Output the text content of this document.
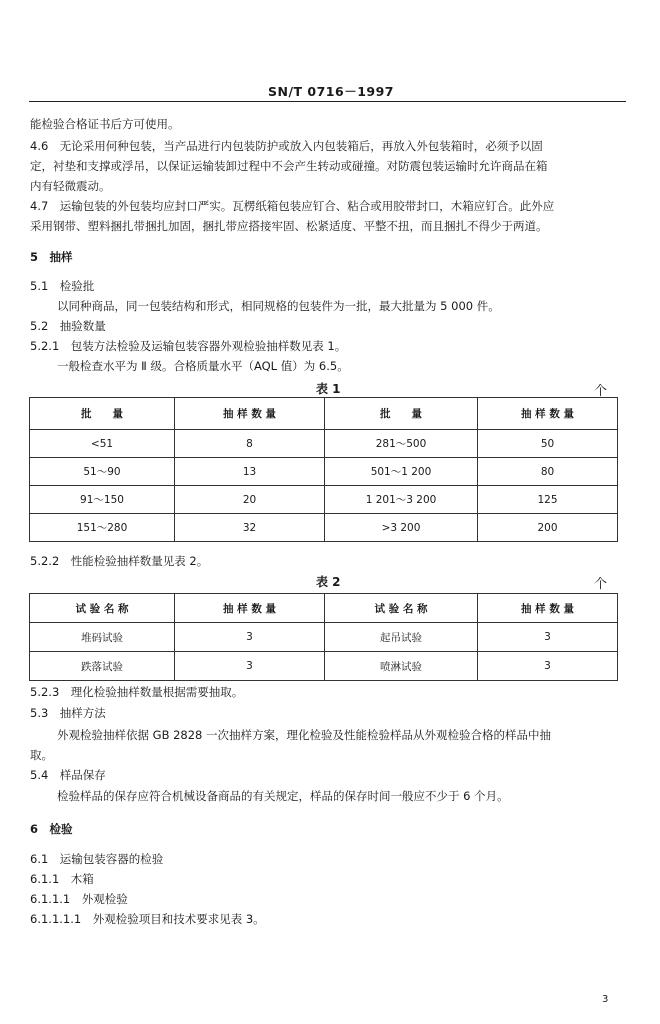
SN/T 0716－1997
能检验合格证书后方可使用。
4.6　无论采用何种包装，当产品进行内包装防护或放入内包装箱后，再放入外包装箱时，必须予以固
定，衬垫和支撑或浮吊，以保证运输装卸过程中不会产生转动或碰撞。对防震包装运输时允许商品在箱
内有轻微震动。
4.7　运输包装的外包装均应封口严实。瓦楞纸箱包装应钉合、粘合或用胶带封口，木箱应钉合。此外应
采用钢带、塑料捆扎带捆扎加固，捆扎带应搭接牢固、松紧适度、平整不扭，而且捆扎不得少于两道。
5　抽样
5.1　检验批
以同种商品，同一包装结构和形式，相同规格的包装件为一批，最大批量为 5 000 件。
5.2　抽验数量
5.2.1　包装方法检验及运输包装容器外观检验抽样数见表 1。
一般检查水平为 Ⅱ 级。合格质量水平（AQL 值）为 6.5。
表 1	个
批　　量	抽 样 数 量	批　　量	抽 样 数 量
<51	8	281～500	50
51～90	13	501～1 200	80
91～150	20	1 201～3 200	125
151～280	32	>3 200	200
5.2.2　性能检验抽样数量见表 2。
表 2	个
试 验 名 称	抽 样 数 量	试 验 名 称	抽 样 数 量
堆码试验	3	起吊试验	3
跌落试验	3	喷淋试验	3
5.2.3　理化检验抽样数量根据需要抽取。
5.3　抽样方法
外观检验抽样依据 GB 2828 一次抽样方案，理化检验及性能检验样品从外观检验合格的样品中抽
取。
5.4　样品保存
检验样品的保存应符合机械设备商品的有关规定，样品的保存时间一般应不少于 6 个月。
6　检验
6.1　运输包装容器的检验
6.1.1　木箱
6.1.1.1　外观检验
6.1.1.1.1　外观检验项目和技术要求见表 3。
3
